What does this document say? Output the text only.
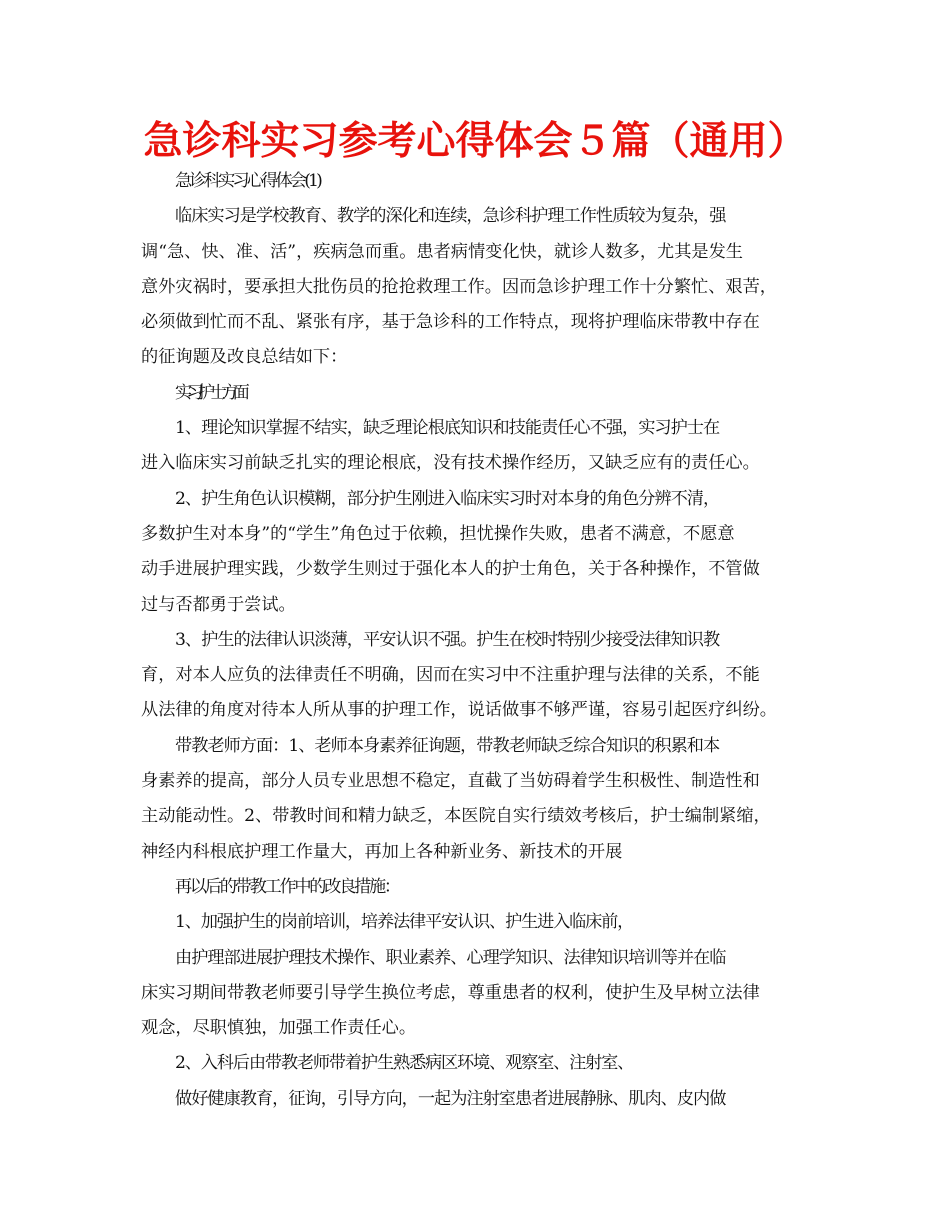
急诊科实习参考心得体会５篇（通用）

急诊科实习心得体会(1)

临床实习是学校教育、教学的深化和连续，急诊科护理工作性质较为复杂，强

调“急、快、准、活”，疾病急而重。患者病情变化快，就诊人数多，尤其是发生

意外灾祸时，要承担大批伤员的抢抢救理工作。因而急诊护理工作十分繁忙、艰苦，

必须做到忙而不乱、紧张有序，基于急诊科的工作特点，现将护理临床带教中存在

的征询题及改良总结如下：

实习护士方面

1、理论知识掌握不结实，缺乏理论根底知识和技能责任心不强，实习护士在

进入临床实习前缺乏扎实的理论根底，没有技术操作经历，又缺乏应有的责任心。

2、护生角色认识模糊，部分护生刚进入临床实习时对本身的角色分辨不清，

多数护生对本身”的“学生”角色过于依赖，担忧操作失败，患者不满意，不愿意

动手进展护理实践，少数学生则过于强化本人的护士角色，关于各种操作，不管做

过与否都勇于尝试。

3、护生的法律认识淡薄，平安认识不强。护生在校时特别少接受法律知识教

育，对本人应负的法律责任不明确，因而在实习中不注重护理与法律的关系，不能

从法律的角度对待本人所从事的护理工作，说话做事不够严谨，容易引起医疗纠纷。

带教老师方面：1、老师本身素养征询题，带教老师缺乏综合知识的积累和本

身素养的提高，部分人员专业思想不稳定，直截了当妨碍着学生积极性、制造性和

主动能动性。2、带教时间和精力缺乏，本医院自实行绩效考核后，护士编制紧缩，

神经内科根底护理工作量大，再加上各种新业务、新技术的开展

再以后的带教工作中的改良措施：

1、加强护生的岗前培训，培养法律平安认识、护生进入临床前，

由护理部进展护理技术操作、职业素养、心理学知识、法律知识培训等并在临

床实习期间带教老师要引导学生换位考虑，尊重患者的权利，使护生及早树立法律

观念，尽职慎独，加强工作责任心。

2、入科后由带教老师带着护生熟悉病区环境、观察室、注射室、

做好健康教育，征询，引导方向，一起为注射室患者进展静脉、肌肉、皮内做
